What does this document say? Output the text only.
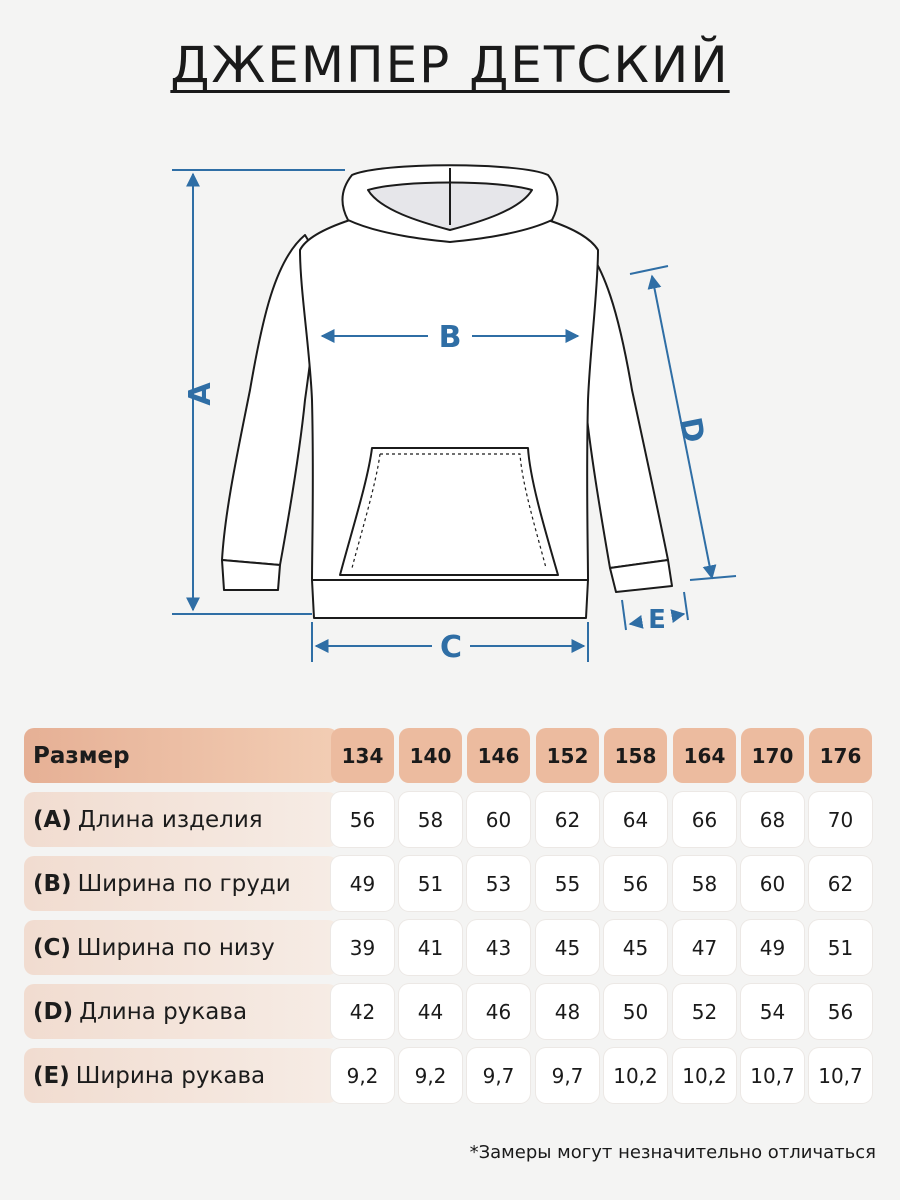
ДЖЕМПЕР ДЕТСКИЙ
A
B
C
D
E
Размер	134	140	146	152	158	164	170	176
(A) Длина изделия	56	58	60	62	64	66	68	70
(B) Ширина по груди	49	51	53	55	56	58	60	62
(C) Ширина по низу	39	41	43	45	45	47	49	51
(D) Длина рукава	42	44	46	48	50	52	54	56
(E) Ширина рукава	9,2	9,2	9,7	9,7	10,2	10,2	10,7	10,7
*Замеры могут незначительно отличаться
